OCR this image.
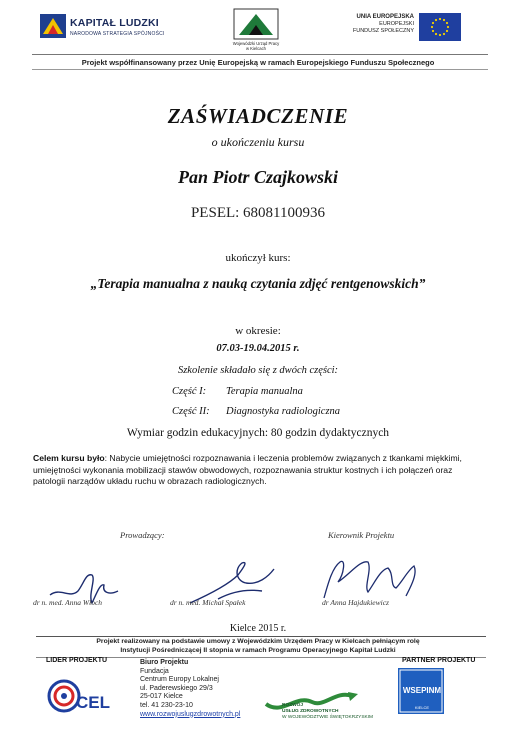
KAPITAŁ LUDZKI
NARODOWA STRATEGIA SPÓJNOŚCI
Wojewódzki Urząd Pracy
w Kielcach
UNIA EUROPEJSKA
EUROPEJSKI
FUNDUSZ SPOŁECZNY
Projekt współfinansowany przez Unię Europejską w ramach Europejskiego Funduszu Społecznego
ZAŚWIADCZENIE
o ukończeniu kursu
Pan Piotr Czajkowski
PESEL: 68081100936
ukończył kurs:
„Terapia manualna z nauką czytania zdjęć rentgenowskich”
w okresie:
07.03-19.04.2015 r.
Szkolenie składało się z dwóch części:
Część I: Terapia manualna
Część II: Diagnostyka radiologiczna
Wymiar godzin edukacyjnych: 80 godzin dydaktycznych
Celem kursu było: Nabycie umiejętności rozpoznawania i leczenia problemów związanych z tkankami miękkimi, umiejętności wykonania mobilizacji stawów obwodowych, rozpoznawania struktur kostnych i ich połączeń oraz patologii narządów układu ruchu w obrazach radiologicznych.
Prowadzący:	Kierownik Projektu
dr n. med. Anna Włoch	dr n. med. Michał Spałek	dr Anna Hajdukiewicz
Kielce 2015 r.
Projekt realizowany na podstawie umowy z Wojewódzkim Urzędem Pracy w Kielcach pełniącym rolę
Instytucji Pośredniczącej II stopnia w ramach Programu Operacyjnego Kapitał Ludzki
LIDER PROJEKTU	PARTNER PROJEKTU
Biuro Projektu
Fundacja
Centrum Europy Lokalnej
ul. Paderewskiego 29/3
25-017 Kielce
tel. 41 230-23-10
www.rozwojuslugzdrowotnych.pl
CEL	ROZWÓJ
USŁUG ZDROWOTNYCH
W WOJEWÓDZTWIE ŚWIĘTOKRZYSKIM
WSEPINM
KIELCE
